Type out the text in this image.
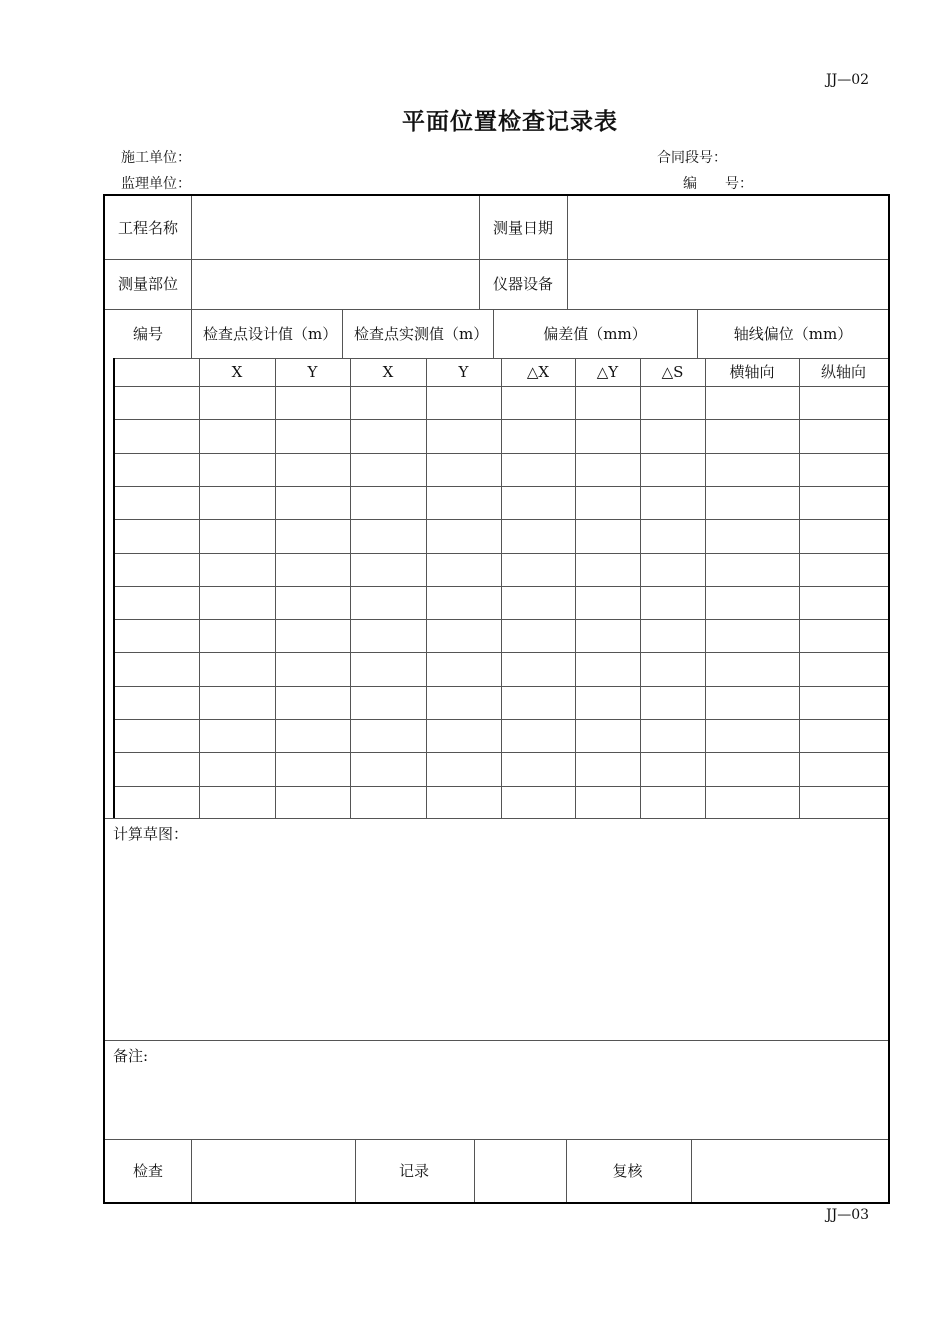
JJ—02
平面位置检查记录表
施工单位：	合同段号：
监理单位：	编　　号：
工程名称	测量日期
测量部位	仪器设备
编号	检查点设计值（m） 检查点实测值（m）	偏差值（mm）	轴线偏位（mm）
X	Y	X	Y	△X	△Y	△S	横轴向	纵轴向
计算草图：
备注:
检查	记录	复核
JJ—03
